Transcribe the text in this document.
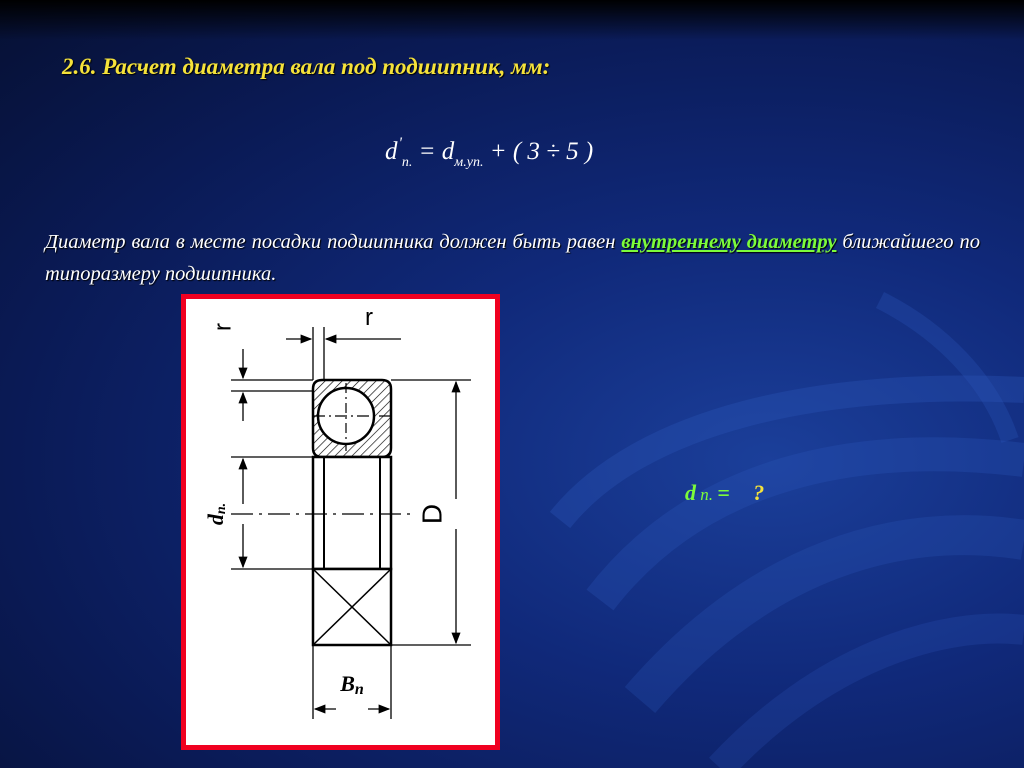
2.6. Расчет диаметра вала под подшипник, мм:
$d'_{п.} = d_{м.уп.}$ + ( 3 ÷ 5 )
Диаметр вала в месте посадки подшипника должен быть равен внутреннему диаметру ближайшего по типоразмеру подшипника.
D
dп.
r	r
Bп
d п. = ?
